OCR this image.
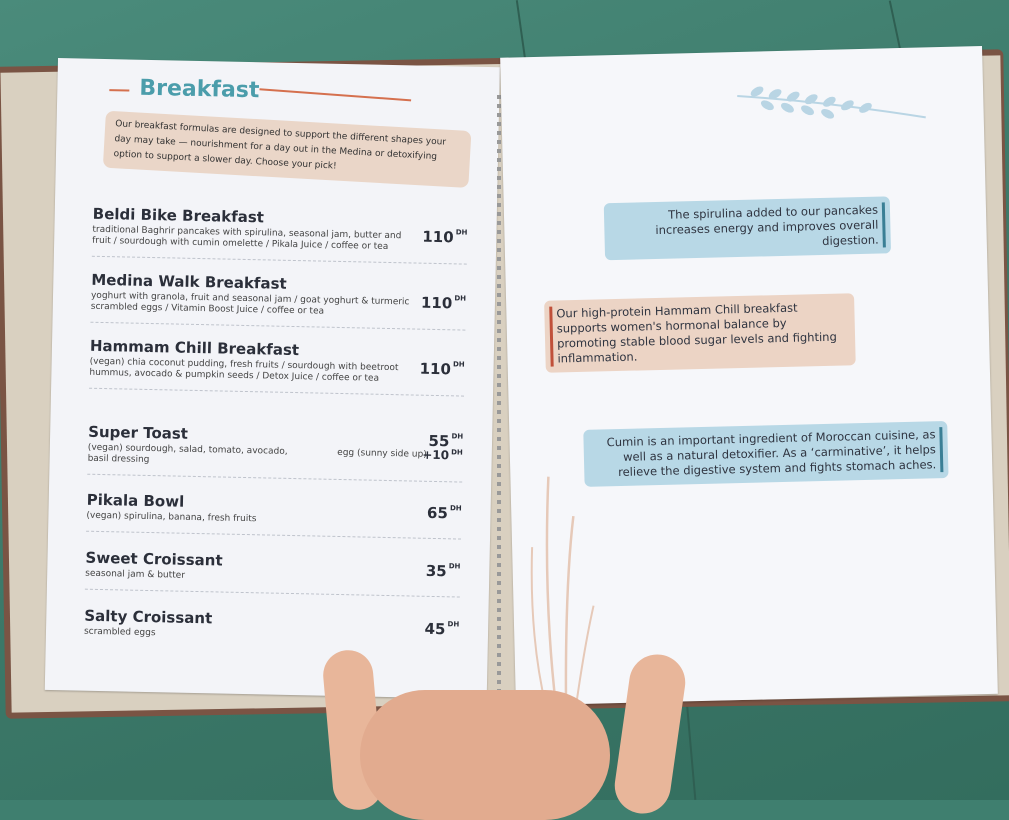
Breakfast
Our breakfast formulas are designed to support the different shapes your day may take — nourishment for a day out in the Medina or detoxifying option to support a slower day. Choose your pick!
Beldi Bike Breakfast
traditional Baghrir pancakes with spirulina, seasonal jam, butter and fruit / sourdough with cumin omelette / Pikala Juice / coffee or tea	110 $^{DH}$
Medina Walk Breakfast
yoghurt with granola, fruit and seasonal jam / goat yoghurt & turmeric scrambled eggs / Vitamin Boost Juice / coffee or tea	110 $^{DH}$
Hammam Chill Breakfast
(vegan) chia coconut pudding, fresh fruits / sourdough with beetroot hummus, avocado & pumpkin seeds / Detox Juice / coffee or tea	110 $^{DH}$
Super Toast
(vegan) sourdough, salad, tomato, avocado, basil dressing
55 $^{DH}$
egg (sunny side up)
+10 $^{DH}$
Pikala Bowl
(vegan) spirulina, banana, fresh fruits	65 $^{DH}$
Sweet Croissant
seasonal jam & butter	35 $^{DH}$
Salty Croissant
scrambled eggs	45 $^{DH}$
The spirulina added to our pancakes increases energy and improves overall digestion.
Our high-protein Hammam Chill breakfast supports women's hormonal balance by promoting stable blood sugar levels and fighting inflammation.
Cumin is an important ingredient of Moroccan cuisine, as well as a natural detoxifier. As a ‘carminative’, it helps relieve the digestive system and fights stomach aches.
